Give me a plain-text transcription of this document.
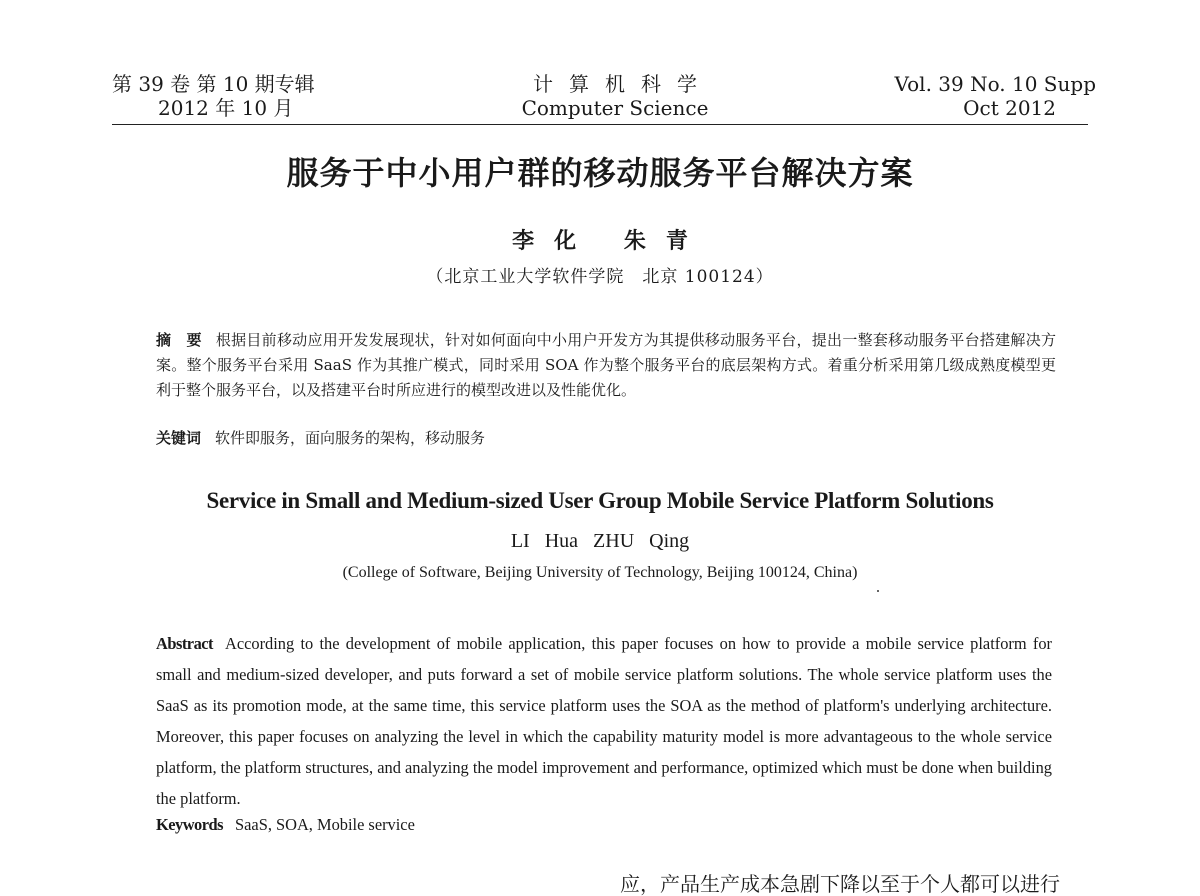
第 39 卷 第 10 期专辑
2012 年 10 月
计算机科学
Computer Science
Vol. 39 No. 10 Supp
Oct 2012
服务于中小用户群的移动服务平台解决方案
李化 朱青
（北京工业大学软件学院　北京 100124）
摘　要 根据目前移动应用开发发展现状，针对如何面向中小用户开发方为其提供移动服务平台，提出一整套移动服务平台搭建解决方案。整个服务平台采用 SaaS 作为其推广模式，同时采用 SOA 作为整个服务平台的底层架构方式。着重分析采用第几级成熟度模型更利于整个服务平台，以及搭建平台时所应进行的模型改进以及性能优化。
关键词 软件即服务，面向服务的架构，移动服务
Service in Small and Medium-sized User Group Mobile Service Platform Solutions
LI Hua ZHU Qing
(College of Software, Beijing University of Technology, Beijing 100124, China)
Abstract According to the development of mobile application, this paper focuses on how to provide a mobile service platform for small and medium-sized developer, and puts forward a set of mobile service platform solutions. The whole service platform uses the SaaS as its promotion mode, at the same time, this service platform uses the SOA as the method of platform's underlying architecture. Moreover, this paper focuses on analyzing the level in which the capability maturity model is more advantageous to the whole service platform, the platform structures, and analyzing the model improvement and performance, optimized which must be done when building the platform.
Keywords SaaS, SOA, Mobile service
应，产品生产成本急剧下降以至于个人都可以进行
